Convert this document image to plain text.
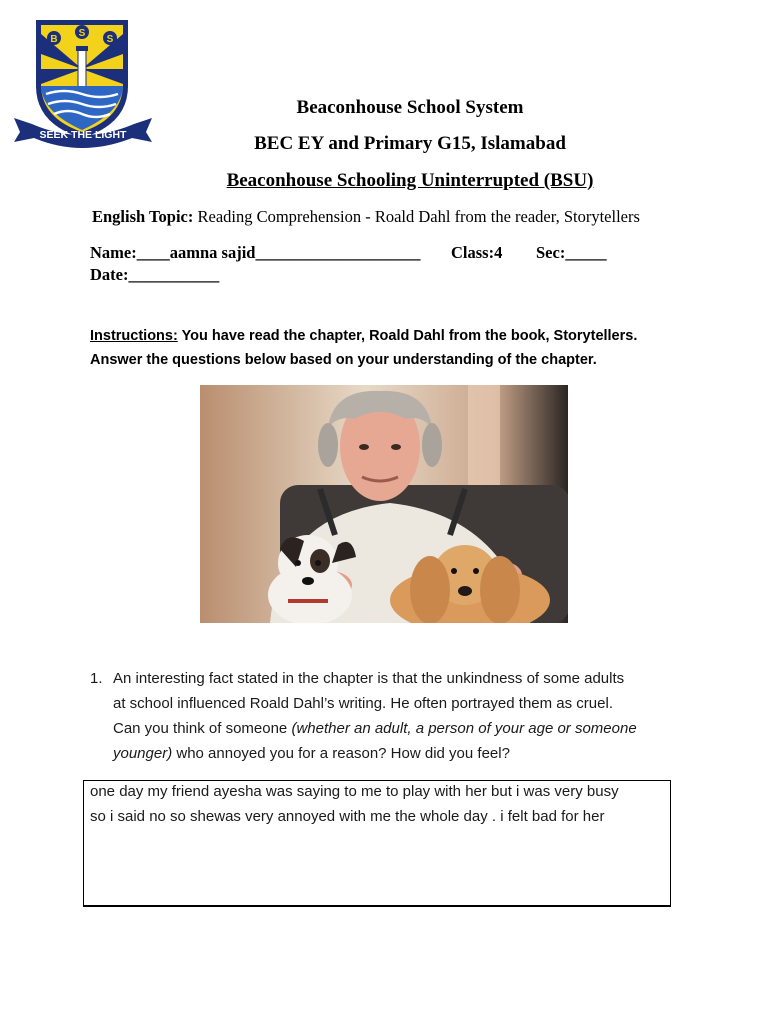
B
S
S
SEEK THE LIGHT
Beaconhouse School System
BEC EY and Primary G15, Islamabad
Beaconhouse Schooling Uninterrupted (BSU)
English Topic: Reading Comprehension - Roald Dahl from the reader, Storytellers
Name:____aamna sajid____________________ Class:4 Sec:_____
Date:___________
Instructions: You have read the chapter, Roald Dahl from the book, Storytellers.
Answer the questions below based on your understanding of the chapter.
1. An interesting fact stated in the chapter is that the unkindness of some adults
at school influenced Roald Dahl’s writing. He often portrayed them as cruel.
Can you think of someone (whether an adult, a person of your age or someone
younger) who annoyed you for a reason? How did you feel?
one day my friend ayesha was saying to me to play with her but i was very busy
so i said no so shewas very annoyed with me the whole day . i felt bad for her
